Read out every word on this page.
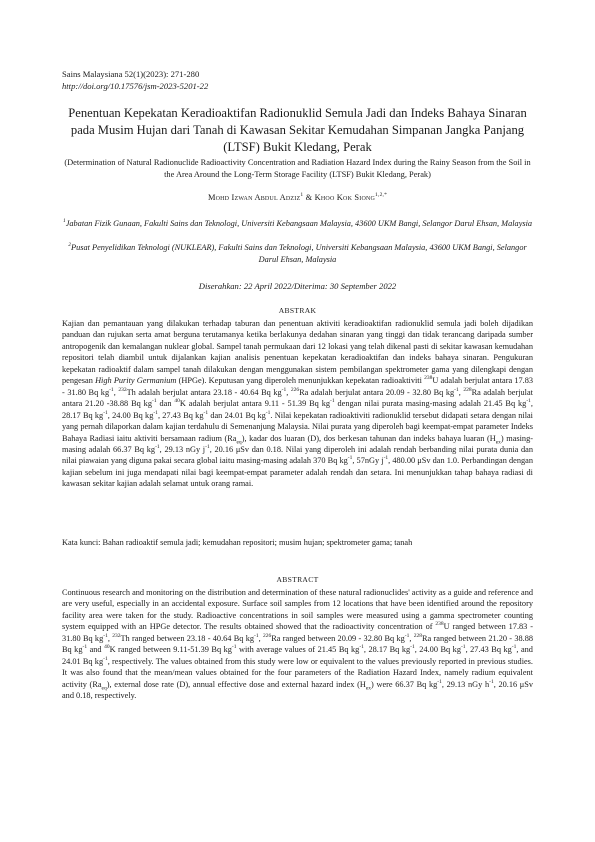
Sains Malaysiana 52(1)(2023): 271-280
http://doi.org/10.17576/jsm-2023-5201-22
Penentuan Kepekatan Keradioaktifan Radionuklid Semula Jadi dan Indeks Bahaya Sinaran pada Musim Hujan dari Tanah di Kawasan Sekitar Kemudahan Simpanan Jangka Panjang (LTSF) Bukit Kledang, Perak
(Determination of Natural Radionuclide Radioactivity Concentration and Radiation Hazard Index during the Rainy Season from the Soil in the Area Around the Long-Term Storage Facility (LTSF) Bukit Kledang, Perak)
Mohd Izwan Abdul Adziz$^1$ & Khoo Kok Siong$^{1,2,*}$
$^1$Jabatan Fizik Gunaan, Fakulti Sains dan Teknologi, Universiti Kebangsaan Malaysia, 43600 UKM Bangi, Selangor Darul Ehsan, Malaysia
$^2$Pusat Penyelidikan Teknologi (NUKLEAR), Fakulti Sains dan Teknologi, Universiti Kebangsaan Malaysia, 43600 UKM Bangi, Selangor Darul Ehsan, Malaysia
Diserahkan: 22 April 2022/Diterima: 30 September 2022
ABSTRAK
Kajian dan pemantauan yang dilakukan terhadap taburan dan penentuan aktiviti keradioaktifan radionuklid semula jadi boleh dijadikan panduan dan rujukan serta amat berguna terutamanya ketika berlakunya dedahan sinaran yang tinggi dan tidak terancang daripada sumber antropogenik dan kemalangan nuklear global. Sampel tanah permukaan dari 12 lokasi yang telah dikenal pasti di sekitar kawasan kemudahan repositori telah diambil untuk dijalankan kajian analisis penentuan kepekatan keradioaktifan dan indeks bahaya sinaran. Pengukuran kepekatan radioaktif dalam sampel tanah dilakukan dengan menggunakan sistem pembilangan spektrometer gama yang dilengkapi dengan pengesan High Purity Germanium (HPGe). Keputusan yang diperoleh menunjukkan kepekatan radioaktiviti $^{238}$U adalah berjulat antara 17.83 - 31.80 Bq $kg^{-1}$, $^{232}$Th adalah berjulat antara 23.18 - 40.64 Bq $kg^{-1}$, $^{226}$Ra adalah berjulat antara 20.09 - 32.80 Bq $kg^{-1}$, $^{228}$Ra adalah berjulat antara 21.20 -38.88 Bq $kg^{-1}$ dan $^{40}$K adalah berjulat antara 9.11 - 51.39 Bq $kg^{-1}$ dengan nilai purata masing-masing adalah 21.45 Bq $kg^{-1}$, 28.17 Bq $kg^{-1}$, 24.00 Bq $kg^{-1}$, 27.43 Bq $kg^{-1}$ dan 24.01 Bq $kg^{-1}$. Nilai kepekatan radioaktiviti radionuklid tersebut didapati setara dengan nilai yang pernah dilaporkan dalam kajian terdahulu di Semenanjung Malaysia. Nilai purata yang diperoleh bagi keempat-empat parameter Indeks Bahaya Radiasi iaitu aktiviti bersamaan radium $(Ra_{eq})$, kadar dos luaran (D), dos berkesan tahunan dan indeks bahaya luaran $(H_{ex})$ masing-masing adalah 66.37 Bq $kg^{-1}$, 29.13 nGy $j^{-1}$, 20.16 μSv dan 0.18. Nilai yang diperoleh ini adalah rendah berbanding nilai purata dunia dan nilai piawaian yang diguna pakai secara global iaitu masing-masing adalah 370 Bq $kg^{-1}$, 57nGy $j^{-1}$, 480.00 μSv dan 1.0. Perbandingan dengan kajian sebelum ini juga mendapati nilai bagi keempat-empat parameter adalah rendah dan setara. Ini menunjukkan tahap bahaya radiasi di kawasan sekitar kajian adalah selamat untuk orang ramai.
Kata kunci: Bahan radioaktif semula jadi; kemudahan repositori; musim hujan; spektrometer gama; tanah
ABSTRACT
Continuous research and monitoring on the distribution and determination of these natural radionuclides' activity as a guide and reference and are very useful, especially in an accidental exposure. Surface soil samples from 12 locations that have been identified around the repository facility area were taken for the study. Radioactive concentrations in soil samples were measured using a gamma spectrometer counting system equipped with an HPGe detector. The results obtained showed that the radioactivity concentration of $^{238}$U ranged between 17.83 - 31.80 Bq $kg^{-1}$, $^{232}$Th ranged between 23.18 - 40.64 Bq $kg^{-1}$, $^{226}$Ra ranged between 20.09 - 32.80 Bq $kg^{-1}$, $^{228}$Ra ranged between 21.20 - 38.88 Bq $kg^{-1}$ and $^{40}$K ranged between 9.11-51.39 Bq $kg^{-1}$ with average values of 21.45 Bq $kg^{-1}$, 28.17 Bq $kg^{-1}$, 24.00 Bq $kg^{-1}$, 27.43 Bq $kg^{-1}$, and 24.01 Bq $kg^{-1}$, respectively. The values obtained from this study were low or equivalent to the values previously reported in previous studies. It was also found that the mean/mean values obtained for the four parameters of the Radiation Hazard Index, namely radium equivalent activity $(Ra_{eq})$, external dose rate (D), annual effective dose and external hazard index $(H_{ex})$ were 66.37 Bq $kg^{-1}$, 29.13 nGy $h^{-1}$, 20.16 μSv and 0.18, respectively.
